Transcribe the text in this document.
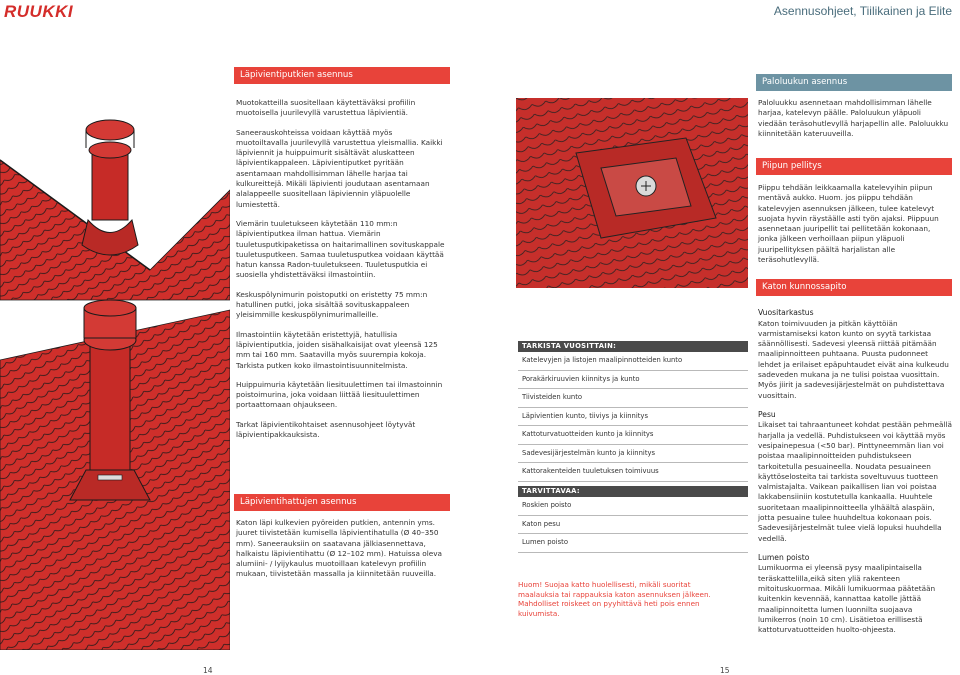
RUUKKI	Asennusohjeet, Tiilikainen ja Elite
Läpivientiputkien asennus

Muotokatteilla suositellaan käytettäväksi profiilin muotoisella juurilevyllä varustettua läpivientiä.

Saneerauskohteissa voidaan käyttää myös muotoiltavalla juurilevyllä varustettua yleismallia. Kaikki läpiviennit ja huippuimurit sisältävät aluskatteen läpivientikappaleen. Läpivientiputket pyritään asentamaan mahdollisimman lähelle harjaa tai kulkureittejä. Mikäli läpivienti joudutaan asentamaan alalappeelle suositellaan läpiviennin yläpuolelle lumiestettä.

Viemärin tuuletukseen käytetään 110 mm:n läpivientiputkea ilman hattua. Viemärin tuuletusputkipaketissa on haitarimallinen sovituskappale tuuletusputkeen. Samaa tuuletusputkea voidaan käyttää hatun kanssa Radon-tuuletukseen. Tuuletusputkia ei suosiella yhdistettäväksi ilmastointiin.

Keskuspölynimurin poistoputki on eristetty 75 mm:n hatullinen putki, joka sisältää sovituskappaleen yleisimmille keskuspölynimurimalleille.

Ilmastointiin käytetään eristettyjä, hatullisia läpivientiputkia, joiden sisähalkaisijat ovat yleensä 125 mm tai 160 mm. Saatavilla myös suurempia kokoja. Tarkista putken koko ilmastointisuunnitelmista.

Huippuimuria käytetään liesituulettimen tai ilmastoinnin poistoimurina, joka voidaan liittää liesituulettimen portaattomaan ohjaukseen.

Tarkat läpivientikohtaiset asennusohjeet löytyvät läpivientipakkauksista.

Läpivientihattujen asennus
Katon läpi kulkevien pyöreiden putkien, antennin yms. juuret tiivistetään kumisella läpivientihatulla (Ø 40–350 mm). Saneerauksiin on saatavana jälkiasennettava, halkaistu läpivientihattu (Ø 12–102 mm). Hatuissa oleva alumiini- / lyijykaulus muotoillaan katelevyn profiilin mukaan, tiivistetään massalla ja kiinnitetään ruuveilla.
14
TARKISTA VUOSITTAIN:
Katelevyjen ja listojen maalipinnotteiden kunto
Porakärkiruuvien kiinnitys ja kunto
Tiivisteiden kunto
Läpivientien kunto, tiiviys ja kiinnitys
Kattoturvatuotteiden kunto ja kiinnitys
Sadevesijärjestelmän kunto ja kiinnitys
Kattorakenteiden tuuletuksen toimivuus
TARVITTAVAA:
Roskien poisto
Katon pesu
Lumen poisto
Huom! Suojaa katto huolellisesti, mikäli suoritat maalauksia tai rappauksia katon asennuksen jälkeen. Mahdolliset roiskeet on pyyhittävä heti pois ennen kuivumista.
15
Paloluukun asennus
Paloluukku asennetaan mahdollisimman lähelle harjaa, katelevyn päälle. Paloluukun yläpuoli viedään teräsohutlevyllä harjapellin alle. Paloluukku kiinnitetään kateruuveilla.
Piipun pellitys
Piippu tehdään leikkaamalla katelevyihin piipun mentävä aukko. Huom. jos piippu tehdään katelevyjen asennuksen jälkeen, tulee katelevyt suojata hyvin räystäälle asti työn ajaksi. Piippuun asennetaan juuripellit tai pellitetään kokonaan, jonka jälkeen verhoillaan piipun yläpuoli juuripellityksen päältä harjalistan alle teräsohutlevyllä.
Katon kunnossapito

Vuositarkastus

Katon toimivuuden ja pitkän käyttöiän varmistamiseksi katon kunto on syytä tarkistaa säännöllisesti. Sadevesi yleensä riittää pitämään maalipinnoitteen puhtaana. Puusta pudonneet lehdet ja erilaiset epäpuhtaudet eivät aina kulkeudu sadeveden mukana ja ne tulisi poistaa vuosittain. Myös jiirit ja sadevesijärjestelmät on puhdistettava vuosittain.

Pesu

Likaiset tai tahraantuneet kohdat pestään pehmeällä harjalla ja vedellä. Puhdistukseen voi käyttää myös vesipainepesua (<50 bar). Pinttyneemmän lian voi poistaa maalipinnoitteiden puhdistukseen tarkoitetulla pesuaineella. Noudata pesuaineen käyttöselosteita tai tarkista soveltuvuus tuotteen valmistajalta. Vaikean paikallisen lian voi poistaa lakkabensiiniin kostutetulla kankaalla. Huuhtele suoritetaan maalipinnoitteella ylhäältä alaspäin, jotta pesuaine tulee huuhdeltua kokonaan pois. Sadevesijärjestelmät tulee vielä lopuksi huuhdella vedellä.

Lumen poisto

Lumikuorma ei yleensä pysy maalipintaisella teräskattelilla,eikä siten yliä rakenteen mitoituskuormaa. Mikäli lumikuormaa päätetään kuitenkin kevennää, kannattaa katolle jättää maalipinnoitetta lumen luonnilta suojaava lumikerros (noin 10 cm). Lisätietoa erillisestä kattoturvatuotteiden huolto-ohjeesta.
